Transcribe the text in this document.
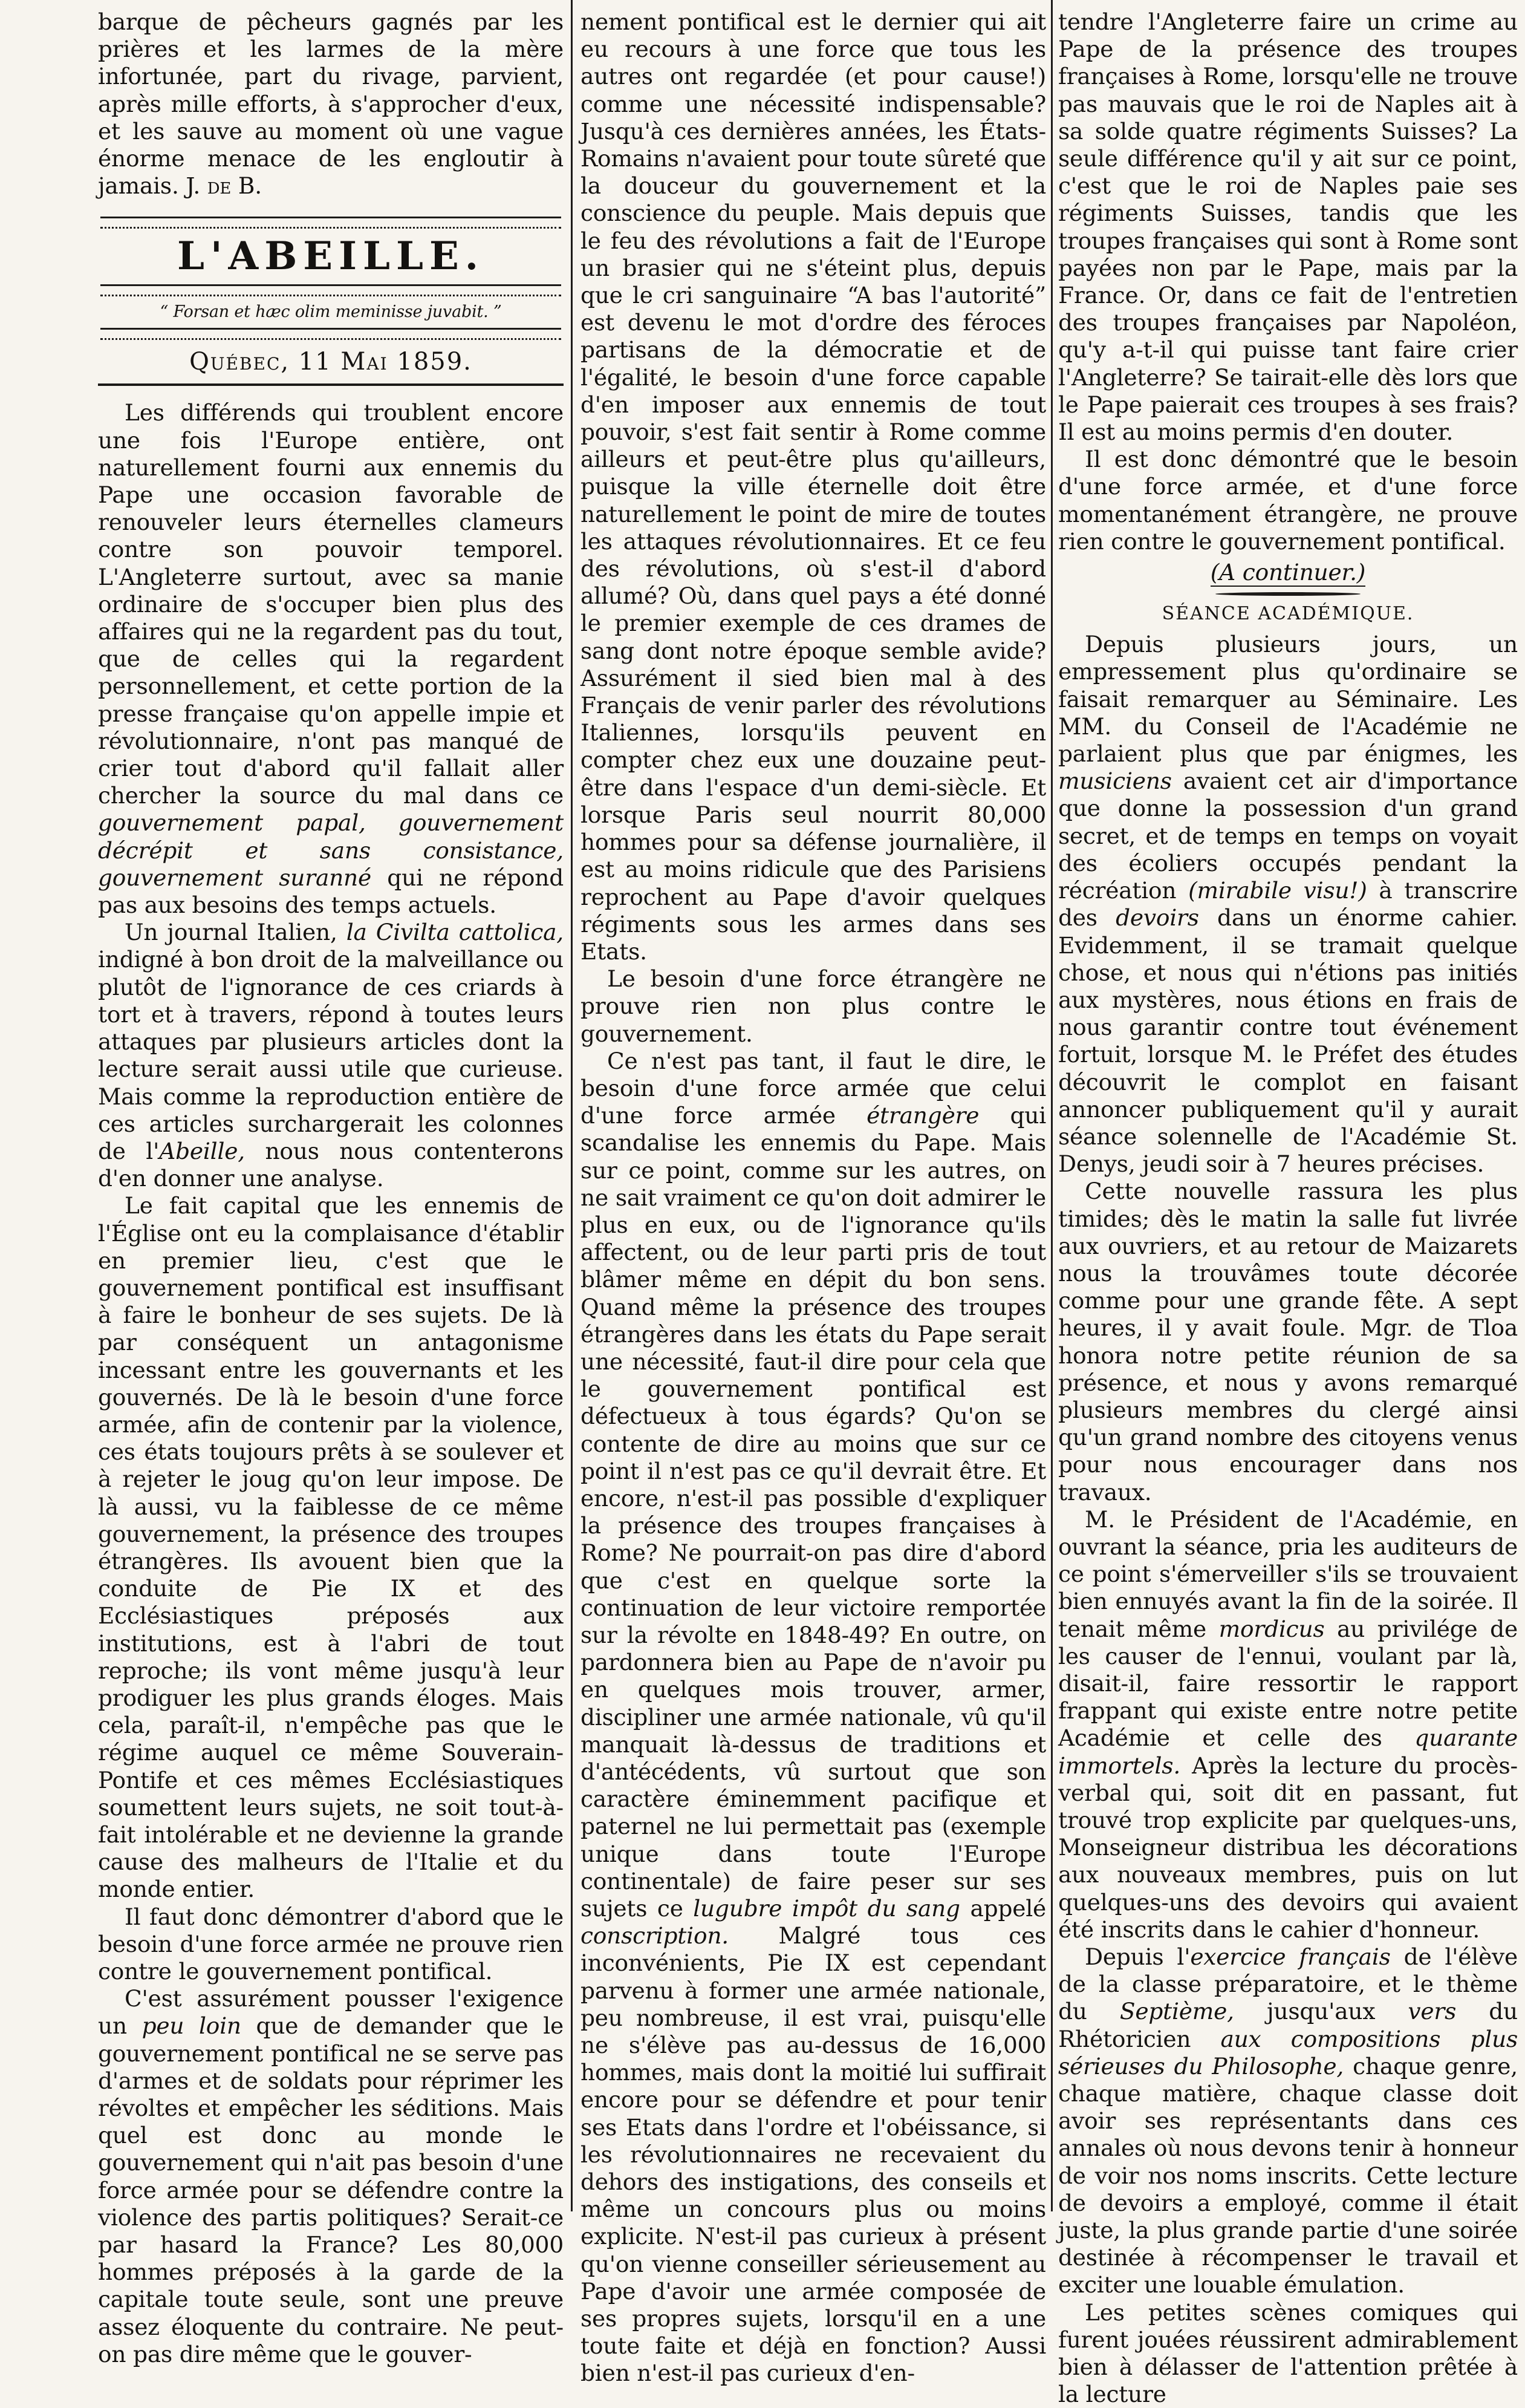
barque de pêcheurs gagnés par les prières et les larmes de la mère infortunée, part du rivage, parvient, après mille efforts, à s'approcher d'eux, et les sauve au moment où une vague énorme menace de les engloutir à jamais. J. de B.

L'ABEILLE.
“ Forsan et hæc olim meminisse juvabit. ”
Québec, 11 Mai 1859.

Les différends qui troublent encore une fois l'Europe entière, ont naturellement fourni aux ennemis du Pape une occasion favorable de renouveler leurs éternelles clameurs contre son pouvoir temporel. L'Angleterre surtout, avec sa manie ordinaire de s'occuper bien plus des affaires qui ne la regardent pas du tout, que de celles qui la regardent personnellement, et cette portion de la presse française qu'on appelle impie et révolutionnaire, n'ont pas manqué de crier tout d'abord qu'il fallait aller chercher la source du mal dans ce gouvernement papal, gouvernement décrépit et sans consistance, gouvernement suranné qui ne répond pas aux besoins des temps actuels.

Un journal Italien, la Civilta cattolica, indigné à bon droit de la malveillance ou plutôt de l'ignorance de ces criards à tort et à travers, répond à toutes leurs attaques par plusieurs articles dont la lecture serait aussi utile que curieuse. Mais comme la reproduction entière de ces articles surchargerait les colonnes de l'Abeille, nous nous contenterons d'en donner une analyse.

Le fait capital que les ennemis de l'Église ont eu la complaisance d'établir en premier lieu, c'est que le gouvernement pontifical est insuffisant à faire le bonheur de ses sujets. De là par conséquent un antagonisme incessant entre les gouvernants et les gouvernés. De là le besoin d'une force armée, afin de contenir par la violence, ces états toujours prêts à se soulever et à rejeter le joug qu'on leur impose. De là aussi, vu la faiblesse de ce même gouvernement, la présence des troupes étrangères. Ils avouent bien que la conduite de Pie IX et des Ecclésiastiques préposés aux institutions, est à l'abri de tout reproche; ils vont même jusqu'à leur prodiguer les plus grands éloges. Mais cela, paraît-il, n'empêche pas que le régime auquel ce même Souverain-Pontife et ces mêmes Ecclésiastiques soumettent leurs sujets, ne soit tout-à-fait intolérable et ne devienne la grande cause des malheurs de l'Italie et du monde entier.

Il faut donc démontrer d'abord que le besoin d'une force armée ne prouve rien contre le gouvernement pontifical.

C'est assurément pousser l'exigence un peu loin que de demander que le gouvernement pontifical ne se serve pas d'armes et de soldats pour réprimer les révoltes et empêcher les séditions. Mais quel est donc au monde le gouvernement qui n'ait pas besoin d'une force armée pour se défendre contre la violence des partis politiques? Serait-ce par hasard la France? Les 80,000 hommes préposés à la garde de la capitale toute seule, sont une preuve assez éloquente du contraire. Ne peut-on pas dire même que le gouver-

nement pontifical est le dernier qui ait eu recours à une force que tous les autres ont regardée (et pour cause!) comme une nécessité indispensable? Jusqu'à ces dernières années, les États-Romains n'avaient pour toute sûreté que la douceur du gouvernement et la conscience du peuple. Mais depuis que le feu des révolutions a fait de l'Europe un brasier qui ne s'éteint plus, depuis que le cri sanguinaire “A bas l'autorité” est devenu le mot d'ordre des féroces partisans de la démocratie et de l'égalité, le besoin d'une force capable d'en imposer aux ennemis de tout pouvoir, s'est fait sentir à Rome comme ailleurs et peut-être plus qu'ailleurs, puisque la ville éternelle doit être naturellement le point de mire de toutes les attaques révolutionnaires. Et ce feu des révolutions, où s'est-il d'abord allumé? Où, dans quel pays a été donné le premier exemple de ces drames de sang dont notre époque semble avide? Assurément il sied bien mal à des Français de venir parler des révolutions Italiennes, lorsqu'ils peuvent en compter chez eux une douzaine peut-être dans l'espace d'un demi-siècle. Et lorsque Paris seul nourrit 80,000 hommes pour sa défense journalière, il est au moins ridicule que des Parisiens reprochent au Pape d'avoir quelques régiments sous les armes dans ses Etats.

Le besoin d'une force étrangère ne prouve rien non plus contre le gouvernement.

Ce n'est pas tant, il faut le dire, le besoin d'une force armée que celui d'une force armée étrangère qui scandalise les ennemis du Pape. Mais sur ce point, comme sur les autres, on ne sait vraiment ce qu'on doit admirer le plus en eux, ou de l'ignorance qu'ils affectent, ou de leur parti pris de tout blâmer même en dépit du bon sens. Quand même la présence des troupes étrangères dans les états du Pape serait une nécessité, faut-il dire pour cela que le gouvernement pontifical est défectueux à tous égards? Qu'on se contente de dire au moins que sur ce point il n'est pas ce qu'il devrait être. Et encore, n'est-il pas possible d'expliquer la présence des troupes françaises à Rome? Ne pourrait-on pas dire d'abord que c'est en quelque sorte la continuation de leur victoire remportée sur la révolte en 1848-49? En outre, on pardonnera bien au Pape de n'avoir pu en quelques mois trouver, armer, discipliner une armée nationale, vû qu'il manquait là-dessus de traditions et d'antécédents, vû surtout que son caractère éminemment pacifique et paternel ne lui permettait pas (exemple unique dans toute l'Europe continentale) de faire peser sur ses sujets ce lugubre impôt du sang appelé conscription. Malgré tous ces inconvénients, Pie IX est cependant parvenu à former une armée nationale, peu nombreuse, il est vrai, puisqu'elle ne s'élève pas au-dessus de 16,000 hommes, mais dont la moitié lui suffirait encore pour se défendre et pour tenir ses Etats dans l'ordre et l'obéissance, si les révolutionnaires ne recevaient du dehors des instigations, des conseils et même un concours plus ou moins explicite. N'est-il pas curieux à présent qu'on vienne conseiller sérieusement au Pape d'avoir une armée composée de ses propres sujets, lorsqu'il en a une toute faite et déjà en fonction? Aussi bien n'est-il pas curieux d'en-

tendre l'Angleterre faire un crime au Pape de la présence des troupes françaises à Rome, lorsqu'elle ne trouve pas mauvais que le roi de Naples ait à sa solde quatre régiments Suisses? La seule différence qu'il y ait sur ce point, c'est que le roi de Naples paie ses régiments Suisses, tandis que les troupes françaises qui sont à Rome sont payées non par le Pape, mais par la France. Or, dans ce fait de l'entretien des troupes françaises par Napoléon, qu'y a-t-il qui puisse tant faire crier l'Angleterre? Se tairait-elle dès lors que le Pape paierait ces troupes à ses frais? Il est au moins permis d'en douter.

Il est donc démontré que le besoin d'une force armée, et d'une force momentanément étrangère, ne prouve rien contre le gouvernement pontifical.

(A continuer.)
SÉANCE ACADÉMIQUE.

Depuis plusieurs jours, un empressement plus qu'ordinaire se faisait remarquer au Séminaire. Les MM. du Conseil de l'Académie ne parlaient plus que par énigmes, les musiciens avaient cet air d'importance que donne la possession d'un grand secret, et de temps en temps on voyait des écoliers occupés pendant la récréation (mirabile visu!) à transcrire des devoirs dans un énorme cahier. Evidemment, il se tramait quelque chose, et nous qui n'étions pas initiés aux mystères, nous étions en frais de nous garantir contre tout événement fortuit, lorsque M. le Préfet des études découvrit le complot en faisant annoncer publiquement qu'il y aurait séance solennelle de l'Académie St. Denys, jeudi soir à 7 heures précises.

Cette nouvelle rassura les plus timides; dès le matin la salle fut livrée aux ouvriers, et au retour de Maizarets nous la trouvâmes toute décorée comme pour une grande fête. A sept heures, il y avait foule. Mgr. de Tloa honora notre petite réunion de sa présence, et nous y avons remarqué plusieurs membres du clergé ainsi qu'un grand nombre des citoyens venus pour nous encourager dans nos travaux.

M. le Président de l'Académie, en ouvrant la séance, pria les auditeurs de ce point s'émerveiller s'ils se trouvaient bien ennuyés avant la fin de la soirée. Il tenait même mordicus au privilége de les causer de l'ennui, voulant par là, disait-il, faire ressortir le rapport frappant qui existe entre notre petite Académie et celle des quarante immortels. Après la lecture du procès-verbal qui, soit dit en passant, fut trouvé trop explicite par quelques-uns, Monseigneur distribua les décorations aux nouveaux membres, puis on lut quelques-uns des devoirs qui avaient été inscrits dans le cahier d'honneur.

Depuis l'exercice français de l'élève de la classe préparatoire, et le thème du Septième, jusqu'aux vers du Rhétoricien aux compositions plus sérieuses du Philosophe, chaque genre, chaque matière, chaque classe doit avoir ses représentants dans ces annales où nous devons tenir à honneur de voir nos noms inscrits. Cette lecture de devoirs a employé, comme il était juste, la plus grande partie d'une soirée destinée à récompenser le travail et exciter une louable émulation.

Les petites scènes comiques qui furent jouées réussirent admirablement bien à délasser de l'attention prêtée à la lecture
